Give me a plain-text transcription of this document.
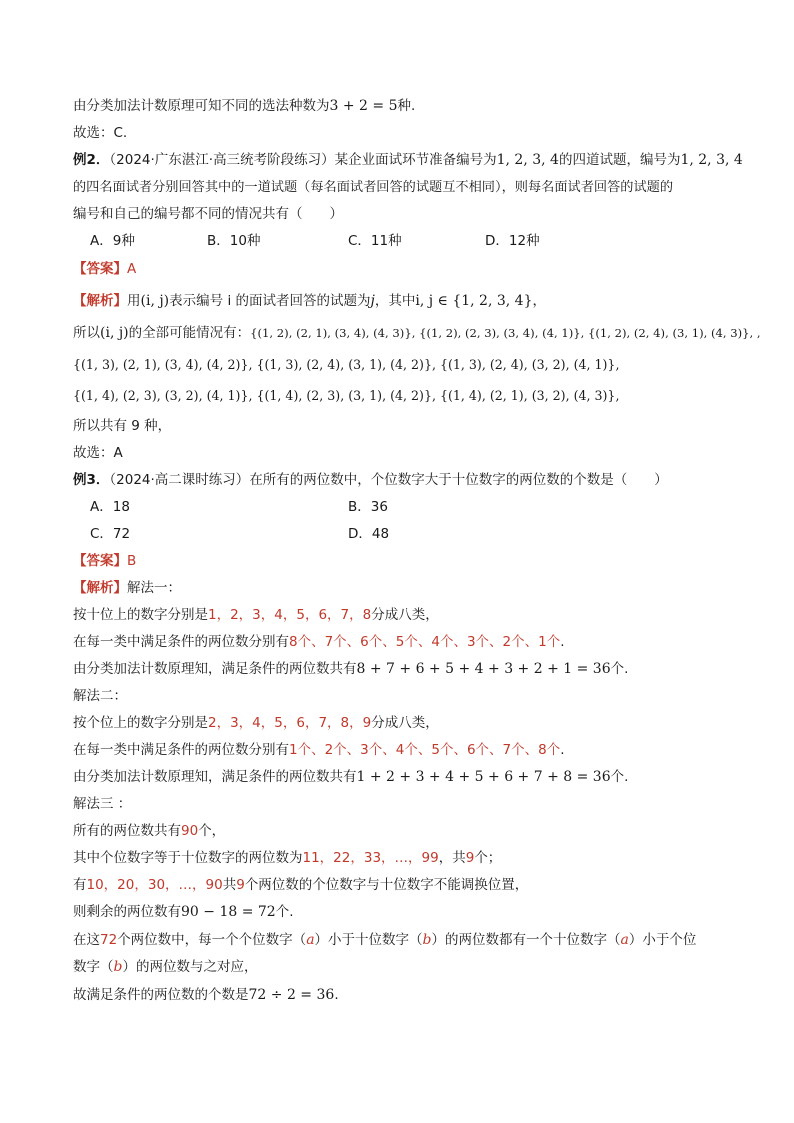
由分类加法计数原理可知不同的选法种数为3 + 2 = 5种.
故选：C.
例2．（2024·广东湛江·高三统考阶段练习）某企业面试环节准备编号为1, 2, 3, 4的四道试题，编号为1, 2, 3, 4
的四名面试者分别回答其中的一道试题（每名面试者回答的试题互不相同），则每名面试者回答的试题的
编号和自己的编号都不同的情况共有（　　）
A．9种	B．10种	C．11种	D．12种
【答案】A
【解析】用(i, j)表示编号 i 的面试者回答的试题为j，其中i, j ∈ {1, 2, 3, 4}，
所以(i, j)的全部可能情况有：{(1, 2), (2, 1), (3, 4), (4, 3)}, {(1, 2), (2, 3), (3, 4), (4, 1)}, {(1, 2), (2, 4), (3, 1), (4, 3)}, ,
{(1, 3), (2, 1), (3, 4), (4, 2)}, {(1, 3), (2, 4), (3, 1), (4, 2)}, {(1, 3), (2, 4), (3, 2), (4, 1)},
{(1, 4), (2, 3), (3, 2), (4, 1)}, {(1, 4), (2, 3), (3, 1), (4, 2)}, {(1, 4), (2, 1), (3, 2), (4, 3)},
所以共有 9 种，
故选：A
例3．（2024·高二课时练习）在所有的两位数中，个位数字大于十位数字的两位数的个数是（　　）
A．18	B．36
C．72	D．48
【答案】B
【解析】解法一：
按十位上的数字分别是1，2，3，4，5，6，7，8分成八类，
在每一类中满足条件的两位数分别有8个、7个、6个、5个、4个、3个、2个、1个.
由分类加法计数原理知，满足条件的两位数共有8 + 7 + 6 + 5 + 4 + 3 + 2 + 1 = 36个.
解法二：
按个位上的数字分别是2，3，4，5，6，7，8，9分成八类，
在每一类中满足条件的两位数分别有1个、2个、3个、4个、5个、6个、7个、8个.
由分类加法计数原理知，满足条件的两位数共有1 + 2 + 3 + 4 + 5 + 6 + 7 + 8 = 36个.
解法三 ：
所有的两位数共有90个，
其中个位数字等于十位数字的两位数为11，22，33，…，99，共9个；
有10，20，30，…，90共9个两位数的个位数字与十位数字不能调换位置，
则剩余的两位数有90 − 18 = 72个.
在这72个两位数中，每一个个位数字（a）小于十位数字（b）的两位数都有一个十位数字（a）小于个位
数字（b）的两位数与之对应，
故满足条件的两位数的个数是72 ÷ 2 = 36.
